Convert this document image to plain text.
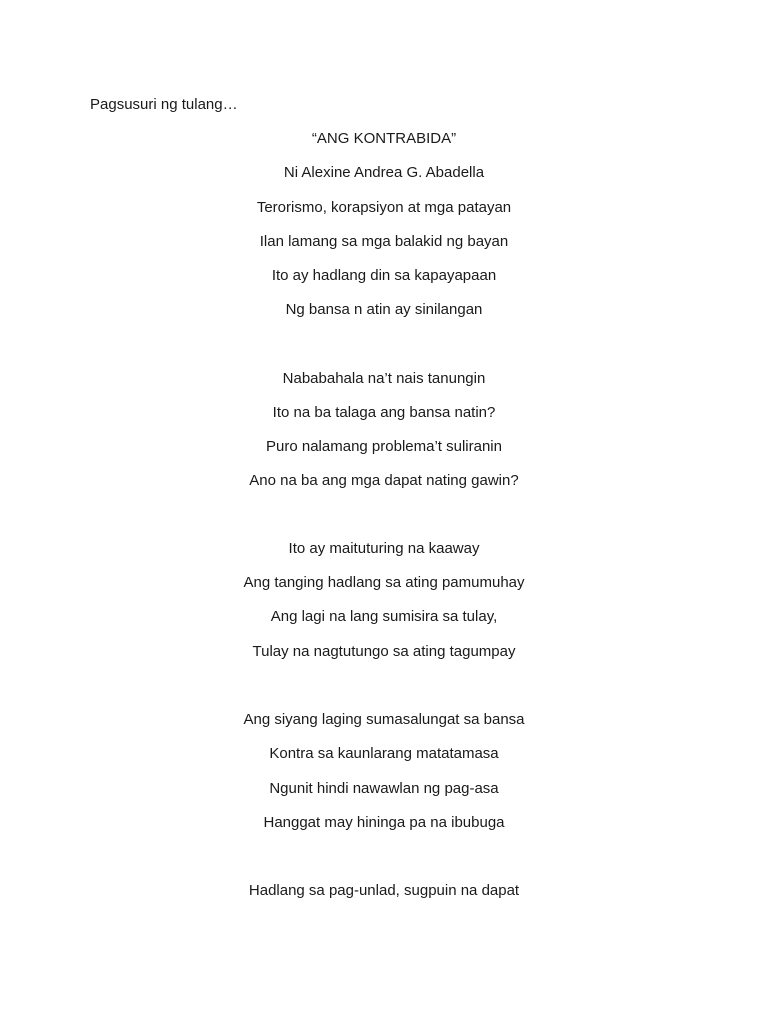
Pagsusuri ng tulang…
“ANG KONTRABIDA”
Ni Alexine Andrea G. Abadella
Terorismo, korapsiyon at mga patayan
Ilan lamang sa mga balakid ng bayan
Ito ay hadlang din sa kapayapaan
Ng bansa n atin ay sinilangan
Nababahala na’t nais tanungin
Ito na ba talaga ang bansa natin?
Puro nalamang problema’t suliranin
Ano na ba ang mga dapat nating gawin?
Ito ay maituturing na kaaway
Ang tanging hadlang sa ating pamumuhay
Ang lagi na lang sumisira sa tulay,
Tulay na nagtutungo sa ating tagumpay
Ang siyang laging sumasalungat sa bansa
Kontra sa kaunlarang matatamasa
Ngunit hindi nawawlan ng pag-asa
Hanggat may hininga pa na ibubuga
Hadlang sa pag-unlad, sugpuin na dapat
